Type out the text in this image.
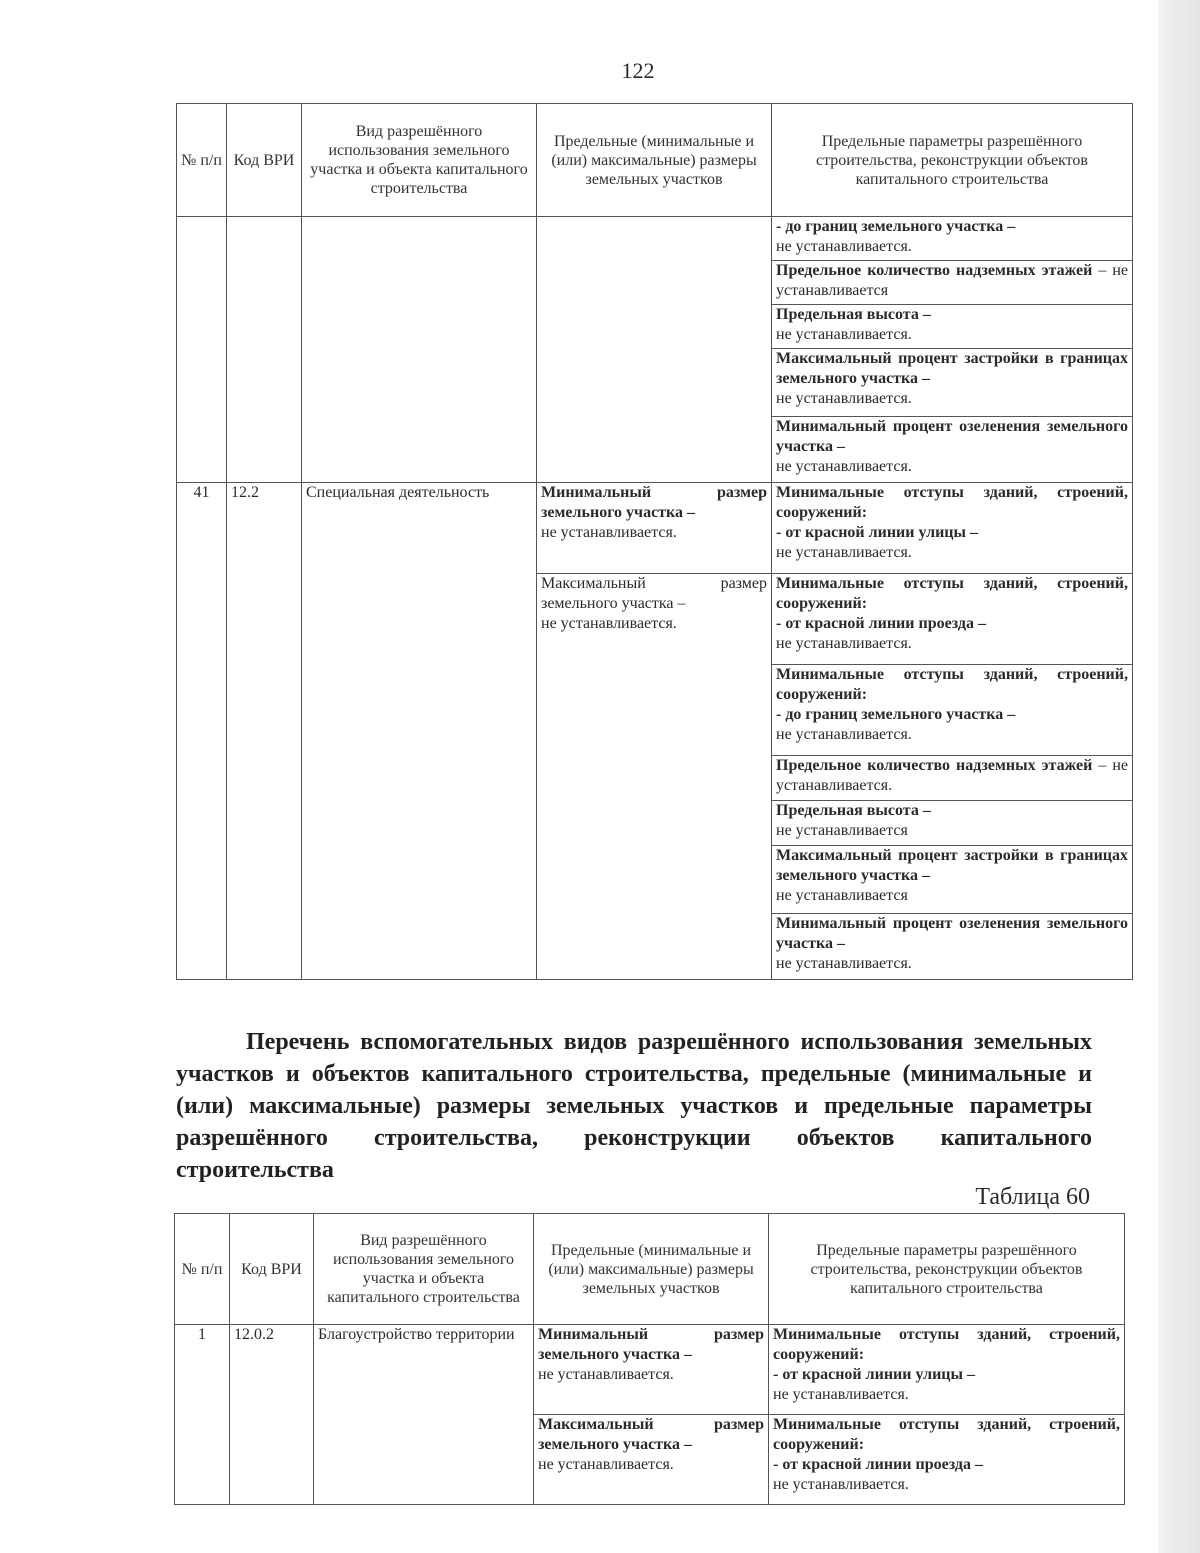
122
№ п/п	Код ВРИ	Вид разрешённого использования земельного участка и объекта капитального строительства	Предельные (минимальные и (или) максимальные) размеры земельных участков	Предельные параметры разрешённого строительства, реконструкции объектов капитального строительства
				- до границ земельного участка –
не устанавливается.
				Предельное количество надземных этажей – не устанавливается
				Предельная высота –
не устанавливается.
				Максимальный процент застройки в границах земельного участка –
не устанавливается.
				Минимальный процент озеленения земельного участка –
не устанавливается.
41	12.2	Специальная деятельность	Минимальный размер земельного участка –
не устанавливается.	Минимальные отступы зданий, строений, сооружений:
- от красной линии улицы –
не устанавливается.
			Максимальный размер земельного участка –
не устанавливается.	Минимальные отступы зданий, строений, сооружений:
- от красной линии проезда –
не устанавливается.
				Минимальные отступы зданий, строений, сооружений:
- до границ земельного участка –
не устанавливается.
				Предельное количество надземных этажей – не устанавливается.
				Предельная высота –
не устанавливается
				Максимальный процент застройки в границах земельного участка –
не устанавливается
				Минимальный процент озеленения земельного участка –
не устанавливается.
Перечень вспомогательных видов разрешённого использования земельных участков и объектов капитального строительства, предельные (минимальные и (или) максимальные) размеры земельных участков и предельные параметры разрешённого строительства, реконструкции объектов капитального строительства
Таблица 60
№ п/п	Код ВРИ	Вид разрешённого использования земельного участка и объекта капитального строительства	Предельные (минимальные и (или) максимальные) размеры земельных участков	Предельные параметры разрешённого строительства, реконструкции объектов капитального строительства
1	12.0.2	Благоустройство территории	Минимальный размер земельного участка –
не устанавливается.	Минимальные отступы зданий, строений, сооружений:
- от красной линии улицы –
не устанавливается.
			Максимальный размер земельного участка –
не устанавливается.	Минимальные отступы зданий, строений, сооружений:
- от красной линии проезда –
не устанавливается.
